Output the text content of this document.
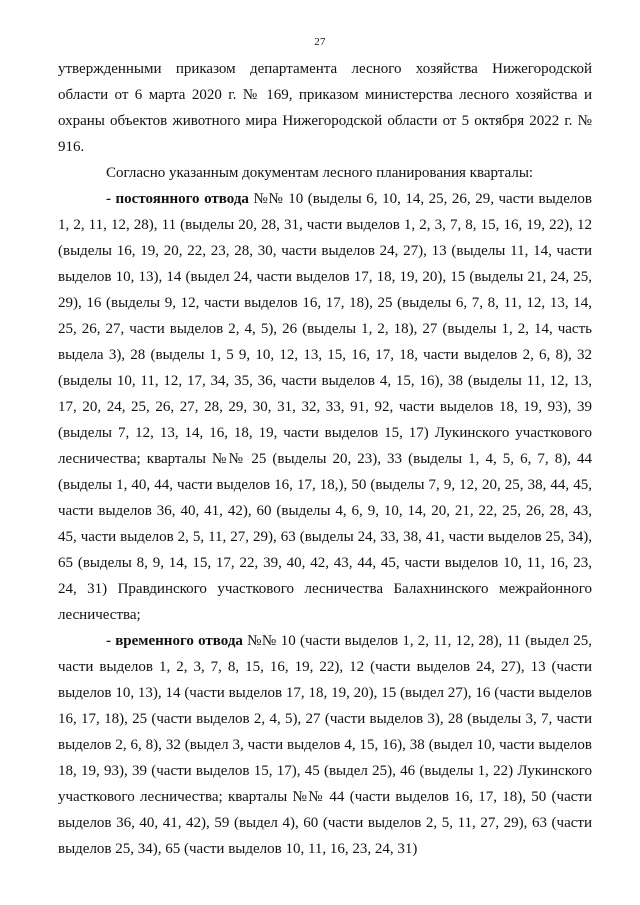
27

утвержденными приказом департамента лесного хозяйства Нижегородской области от 6 марта 2020 г. № 169, приказом министерства лесного хозяйства и охраны объектов животного мира Нижегородской области от 5 октября 2022 г. № 916.

Согласно указанным документам лесного планирования кварталы:

- постоянного отвода №№ 10 (выделы 6, 10, 14, 25, 26, 29, части выделов 1, 2, 11, 12, 28), 11 (выделы 20, 28, 31, части выделов 1, 2, 3, 7, 8, 15, 16, 19, 22), 12 (выделы 16, 19, 20, 22, 23, 28, 30, части выделов 24, 27), 13 (выделы 11, 14, части выделов 10, 13), 14 (выдел 24, части выделов 17, 18, 19, 20), 15 (выделы 21, 24, 25, 29), 16 (выделы 9, 12, части выделов 16, 17, 18), 25 (выделы 6, 7, 8, 11, 12, 13, 14, 25, 26, 27, части выделов 2, 4, 5), 26 (выделы 1, 2, 18), 27 (выделы 1, 2, 14, часть выдела 3), 28 (выделы 1, 5 9, 10, 12, 13, 15, 16, 17, 18, части выделов 2, 6, 8), 32 (выделы 10, 11, 12, 17, 34, 35, 36, части выделов 4, 15, 16), 38 (выделы 11, 12, 13, 17, 20, 24, 25, 26, 27, 28, 29, 30, 31, 32, 33, 91, 92, части выделов 18, 19, 93), 39 (выделы 7, 12, 13, 14, 16, 18, 19, части выделов 15, 17) Лукинского участкового лесничества; кварталы №№ 25 (выделы 20, 23), 33 (выделы 1, 4, 5, 6, 7, 8), 44 (выделы 1, 40, 44, части выделов 16, 17, 18,), 50 (выделы 7, 9, 12, 20, 25, 38, 44, 45, части выделов 36, 40, 41, 42), 60 (выделы 4, 6, 9, 10, 14, 20, 21, 22, 25, 26, 28, 43, 45, части выделов 2, 5, 11, 27, 29), 63 (выделы 24, 33, 38, 41, части выделов 25, 34), 65 (выделы 8, 9, 14, 15, 17, 22, 39, 40, 42, 43, 44, 45, части выделов 10, 11, 16, 23, 24, 31) Правдинского участкового лесничества Балахнинского межрайонного лесничества;

- временного отвода №№ 10 (части выделов 1, 2, 11, 12, 28), 11 (выдел 25, части выделов 1, 2, 3, 7, 8, 15, 16, 19, 22), 12 (части выделов 24, 27), 13 (части выделов 10, 13), 14 (части выделов 17, 18, 19, 20), 15 (выдел 27), 16 (части выделов 16, 17, 18), 25 (части выделов 2, 4, 5), 27 (части выделов 3), 28 (выделы 3, 7, части выделов 2, 6, 8), 32 (выдел 3, части выделов 4, 15, 16), 38 (выдел 10, части выделов 18, 19, 93), 39 (части выделов 15, 17), 45 (выдел 25), 46 (выделы 1, 22) Лукинского участкового лесничества; кварталы №№ 44 (части выделов 16, 17, 18), 50 (части выделов 36, 40, 41, 42), 59 (выдел 4), 60 (части выделов 2, 5, 11, 27, 29), 63 (части выделов 25, 34), 65 (части выделов 10, 11, 16, 23, 24, 31)
